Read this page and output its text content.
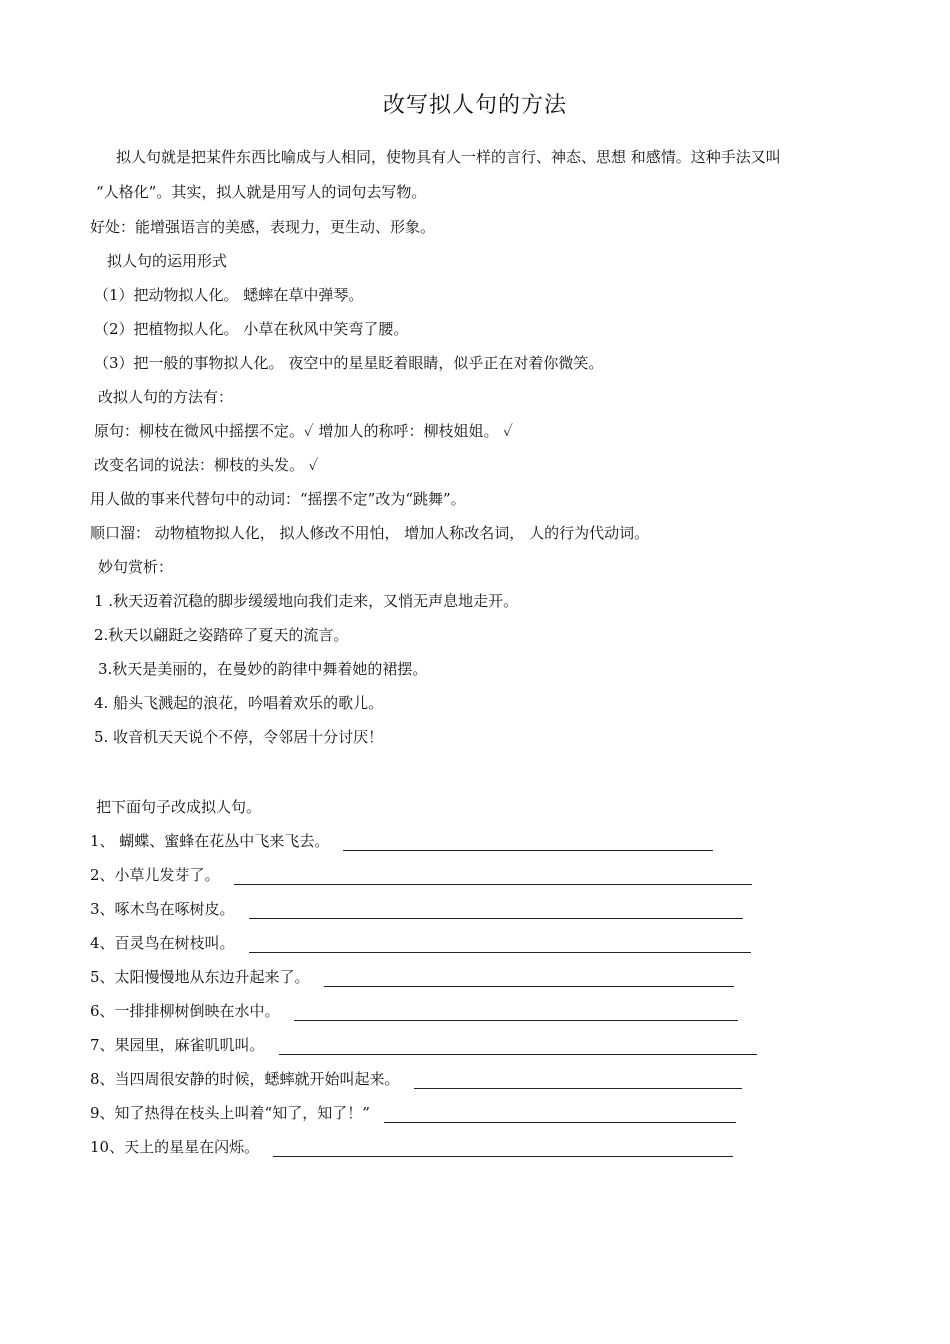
改写拟人句的方法
拟人句就是把某件东西比喻成与人相同，使物具有人一样的言行、神态、思想 和感情。这种手法又叫
“人格化”。其实，拟人就是用写人的词句去写物。
好处：能增强语言的美感，表现力，更生动、形象。
拟人句的运用形式
（1）把动物拟人化。 蟋蟀在草中弹琴。
（2）把植物拟人化。 小草在秋风中笑弯了腰。
（3）把一般的事物拟人化。 夜空中的星星眨着眼睛，似乎正在对着你微笑。
改拟人句的方法有：
原句：柳枝在微风中摇摆不定。✓ 增加人的称呼：柳枝姐姐。 ✓
改变名词的说法：柳枝的头发。 ✓
用人做的事来代替句中的动词：“摇摆不定”改为“跳舞”。
顺口溜： 动物植物拟人化， 拟人修改不用怕， 增加人称改名词， 人的行为代动词。
妙句赏析：
1 .秋天迈着沉稳的脚步缓缓地向我们走来，又悄无声息地走开。
2.秋天以翩跹之姿踏碎了夏天的流言。
3.秋天是美丽的，在曼妙的韵律中舞着她的裙摆。
4. 船头飞溅起的浪花，吟唱着欢乐的歌儿。
5. 收音机天天说个不停，令邻居十分讨厌！
把下面句子改成拟人句。
1、 蝴蝶、蜜蜂在花丛中飞来飞去。
2、小草儿发芽了。
3、啄木鸟在啄树皮。
4、百灵鸟在树枝叫。
5、太阳慢慢地从东边升起来了。
6、一排排柳树倒映在水中。
7、果园里，麻雀叽叽叫。
8、当四周很安静的时候，蟋蟀就开始叫起来。
9、知了热得在枝头上叫着“知了，知了！”
10、天上的星星在闪烁。
